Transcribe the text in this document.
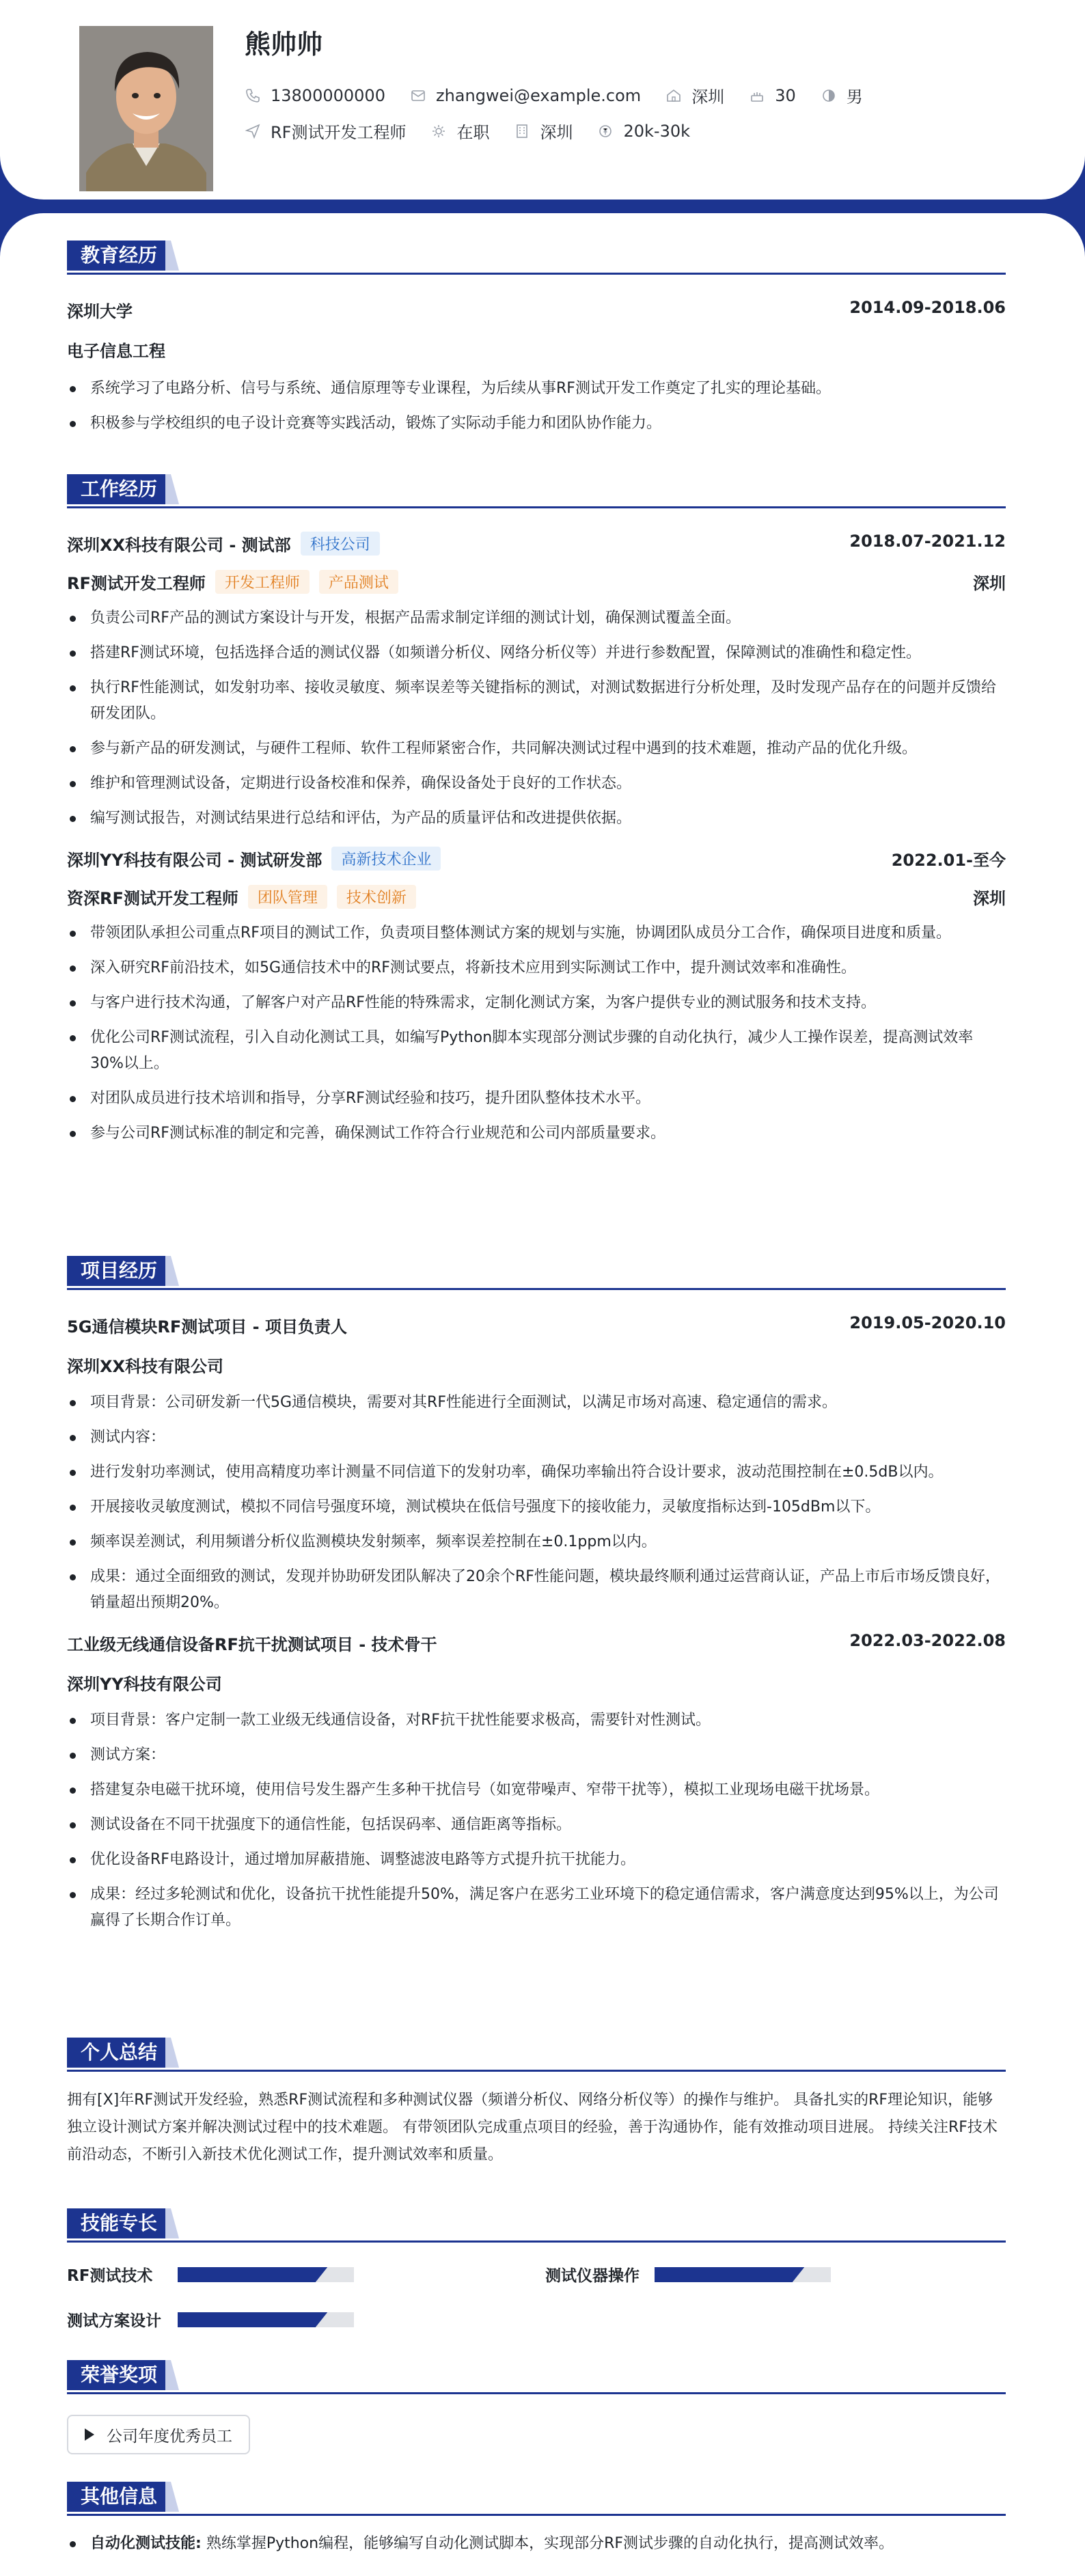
熊帅帅
13800000000	zhangwei@example.com	深圳	30	男
RF测试开发工程师	在职	深圳	20k-30k
教育经历
深圳大学	2014.09-2018.06
电子信息工程
系统学习了电路分析、信号与系统、通信原理等专业课程，为后续从事RF测试开发工作奠定了扎实的理论基础。
积极参与学校组织的电子设计竞赛等实践活动，锻炼了实际动手能力和团队协作能力。
工作经历
深圳XX科技有限公司 - 测试部	科技公司	2018.07-2021.12
RF测试开发工程师	开发工程师	产品测试	深圳
负责公司RF产品的测试方案设计与开发，根据产品需求制定详细的测试计划，确保测试覆盖全面。
搭建RF测试环境，包括选择合适的测试仪器（如频谱分析仪、网络分析仪等）并进行参数配置，保障测试的准确性和稳定性。
执行RF性能测试，如发射功率、接收灵敏度、频率误差等关键指标的测试，对测试数据进行分析处理，及时发现产品存在的问题并反馈给研发团队。
参与新产品的研发测试，与硬件工程师、软件工程师紧密合作，共同解决测试过程中遇到的技术难题，推动产品的优化升级。
维护和管理测试设备，定期进行设备校准和保养，确保设备处于良好的工作状态。
编写测试报告，对测试结果进行总结和评估，为产品的质量评估和改进提供依据。
深圳YY科技有限公司 - 测试研发部	高新技术企业	2022.01-至今
资深RF测试开发工程师	团队管理	技术创新	深圳
带领团队承担公司重点RF项目的测试工作，负责项目整体测试方案的规划与实施，协调团队成员分工合作，确保项目进度和质量。
深入研究RF前沿技术，如5G通信技术中的RF测试要点，将新技术应用到实际测试工作中，提升测试效率和准确性。
与客户进行技术沟通，了解客户对产品RF性能的特殊需求，定制化测试方案，为客户提供专业的测试服务和技术支持。
优化公司RF测试流程，引入自动化测试工具，如编写Python脚本实现部分测试步骤的自动化执行，减少人工操作误差，提高测试效率30%以上。
对团队成员进行技术培训和指导，分享RF测试经验和技巧，提升团队整体技术水平。
参与公司RF测试标准的制定和完善，确保测试工作符合行业规范和公司内部质量要求。
项目经历
5G通信模块RF测试项目 - 项目负责人	2019.05-2020.10
深圳XX科技有限公司
项目背景：公司研发新一代5G通信模块，需要对其RF性能进行全面测试，以满足市场对高速、稳定通信的需求。
测试内容：
进行发射功率测试，使用高精度功率计测量不同信道下的发射功率，确保功率输出符合设计要求，波动范围控制在±0.5dB以内。
开展接收灵敏度测试，模拟不同信号强度环境，测试模块在低信号强度下的接收能力，灵敏度指标达到-105dBm以下。
频率误差测试，利用频谱分析仪监测模块发射频率，频率误差控制在±0.1ppm以内。
成果：通过全面细致的测试，发现并协助研发团队解决了20余个RF性能问题，模块最终顺利通过运营商认证，产品上市后市场反馈良好，销量超出预期20%。
工业级无线通信设备RF抗干扰测试项目 - 技术骨干	2022.03-2022.08
深圳YY科技有限公司
项目背景：客户定制一款工业级无线通信设备，对RF抗干扰性能要求极高，需要针对性测试。
测试方案：
搭建复杂电磁干扰环境，使用信号发生器产生多种干扰信号（如宽带噪声、窄带干扰等），模拟工业现场电磁干扰场景。
测试设备在不同干扰强度下的通信性能，包括误码率、通信距离等指标。
优化设备RF电路设计，通过增加屏蔽措施、调整滤波电路等方式提升抗干扰能力。
成果：经过多轮测试和优化，设备抗干扰性能提升50%，满足客户在恶劣工业环境下的稳定通信需求，客户满意度达到95%以上，为公司赢得了长期合作订单。
个人总结
拥有[X]年RF测试开发经验，熟悉RF测试流程和多种测试仪器（频谱分析仪、网络分析仪等）的操作与维护。 具备扎实的RF理论知识，能够独立设计测试方案并解决测试过程中的技术难题。 有带领团队完成重点项目的经验，善于沟通协作，能有效推动项目进展。 持续关注RF技术前沿动态，不断引入新技术优化测试工作，提升测试效率和质量。
技能专长
RF测试技术	测试仪器操作
测试方案设计
荣誉奖项
公司年度优秀员工
其他信息
自动化测试技能: 熟练掌握Python编程，能够编写自动化测试脚本，实现部分RF测试步骤的自动化执行，提高测试效率。
